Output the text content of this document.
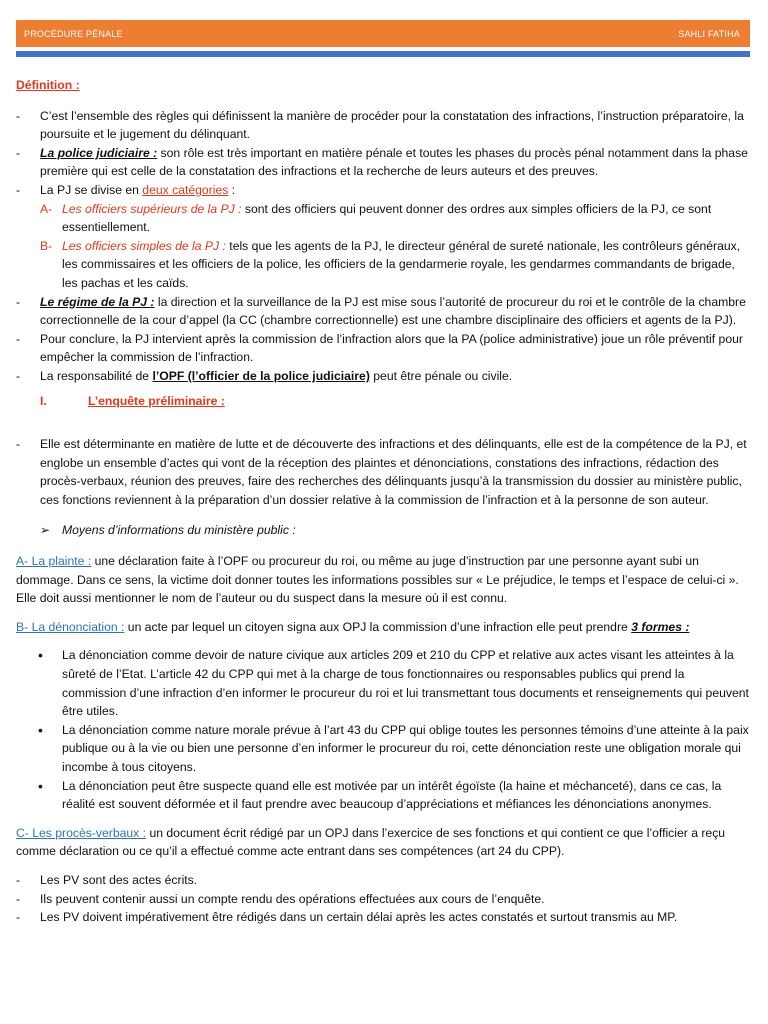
PROCÉDURE PÉNALE	SAHLI FATIHA

Définition :

- C’est l’ensemble des règles qui définissent la manière de procéder pour la constatation des infractions, l’instruction préparatoire, la poursuite et le jugement du délinquant.

- La police judiciaire : son rôle est très important en matière pénale et toutes les phases du procès pénal notamment dans la phase première qui est celle de la constatation des infractions et la recherche de leurs auteurs et des preuves.

- La PJ se divise en deux catégories :

A- Les officiers supérieurs de la PJ : sont des officiers qui peuvent donner des ordres aux simples officiers de la PJ, ce sont essentiellement.

B- Les officiers simples de la PJ : tels que les agents de la PJ, le directeur général de sureté nationale, les contrôleurs généraux, les commissaires et les officiers de la police, les officiers de la gendarmerie royale, les gendarmes commandants de brigade, les pachas et les caïds.

- Le régime de la PJ : la direction et la surveillance de la PJ est mise sous l’autorité de procureur du roi et le contrôle de la chambre correctionnelle de la cour d’appel (la CC (chambre correctionnelle) est une chambre disciplinaire des officiers et agents de la PJ).

- Pour conclure, la PJ intervient après la commission de l’infraction alors que la PA (police administrative) joue un rôle préventif pour empêcher la commission de l’infraction.

- La responsabilité de l’OPF (l’officier de la police judiciaire) peut être pénale ou civile.

I.	L’enquête préliminaire :

- Elle est déterminante en matière de lutte et de découverte des infractions et des délinquants, elle est de la compétence de la PJ, et englobe un ensemble d’actes qui vont de la réception des plaintes et dénonciations, constations des infractions, rédaction des procès-verbaux, réunion des preuves, faire des recherches des délinquants jusqu’à la transmission du dossier au ministère public, ces fonctions reviennent à la préparation d’un dossier relative à la commission de l’infraction et à la personne de son auteur.

➢ Moyens d’informations du ministère public :

A- La plainte : une déclaration faite à l’OPF ou procureur du roi, ou même au juge d’instruction par une personne ayant subi un dommage. Dans ce sens, la victime doit donner toutes les informations possibles sur « Le préjudice, le temps et l’espace de celui-ci ». Elle doit aussi mentionner le nom de l’auteur ou du suspect dans la mesure où il est connu.

B- La dénonciation : un acte par lequel un citoyen signa aux OPJ la commission d’une infraction elle peut prendre 3 formes :

• La dénonciation comme devoir de nature civique aux articles 209 et 210 du CPP et relative aux actes visant les atteintes à la sûreté de l’Etat. L’article 42 du CPP qui met à la charge de tous fonctionnaires ou responsables publics qui prend la commission d’une infraction d’en informer le procureur du roi et lui transmettant tous documents et renseignements qui peuvent être utiles.

• La dénonciation comme nature morale prévue à l’art 43 du CPP qui oblige toutes les personnes témoins d’une atteinte à la paix publique ou à la vie ou bien une personne d’en informer le procureur du roi, cette dénonciation reste une obligation morale qui incombe à tous citoyens.

• La dénonciation peut être suspecte quand elle est motivée par un intérêt égoïste (la haine et méchanceté), dans ce cas, la réalité est souvent déformée et il faut prendre avec beaucoup d’appréciations et méfiances les dénonciations anonymes.

C- Les procès-verbaux : un document écrit rédigé par un OPJ dans l’exercice de ses fonctions et qui contient ce que l’officier a reçu comme déclaration ou ce qu’il a effectué comme acte entrant dans ses compétences (art 24 du CPP).

- Les PV sont des actes écrits.

- Ils peuvent contenir aussi un compte rendu des opérations effectuées aux cours de l’enquête.

- Les PV doivent impérativement être rédigés dans un certain délai après les actes constatés et surtout transmis au MP.
